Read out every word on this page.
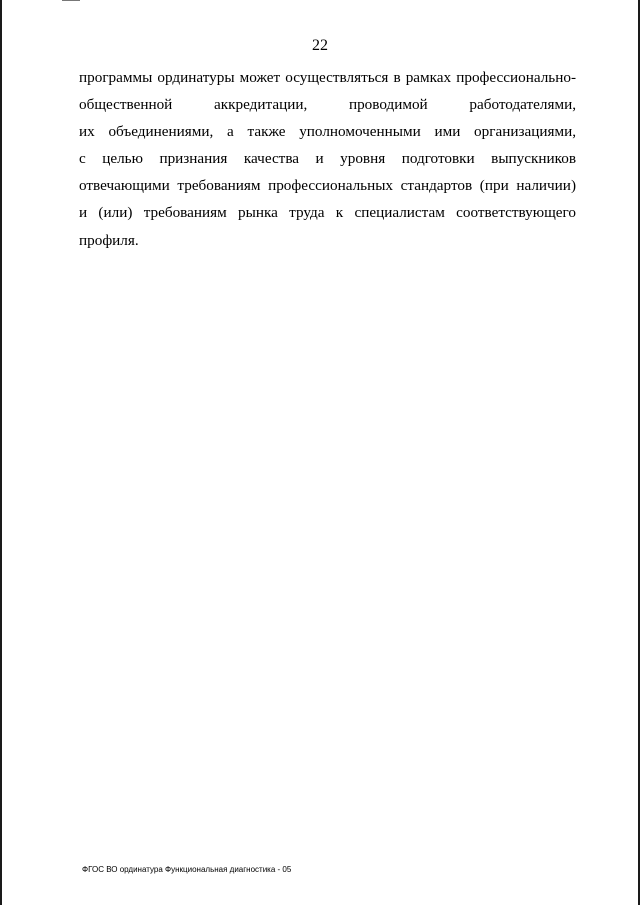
22
программы ординатуры может осуществляться в рамках профессионально-
общественной аккредитации, проводимой работодателями,
их объединениями, а также уполномоченными ими организациями,
с целью признания качества и уровня подготовки выпускников
отвечающими требованиям профессиональных стандартов (при наличии)
и (или) требованиям рынка труда к специалистам соответствующего
профиля.
ФГОС ВО ординатура Функциональная диагностика - 05
